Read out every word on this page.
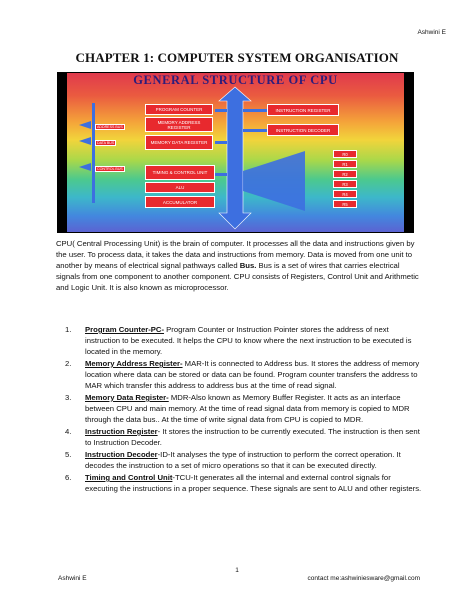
Ashwini E
CHAPTER 1: COMPUTER SYSTEM ORGANISATION
GENERAL STRUCTURE OF CPU
PROGRAM COUNTER
MEMORY ADDRESS REGISTER
MEMORY DATA REGISTER
ADDRESS BUS
DATA BUS
CONTROL BUS
TIMING & CONTROL UNIT
ALU
ACCUMULATOR
INSTRUCTION REGISTER
INSTRUCTION DECODER
R0
R1
R2
R3
R4
R5
CPU( Central Processing Unit) is the brain of computer. It processes all the data and instructions given by the user. To process data, it takes the data and instructions from memory. Data is moved from one unit to another by means of electrical signal pathways called Bus. Bus is a set of wires that carries electrical signals from one component to another component. CPU consists of Registers, Control Unit and Arithmetic and Logic Unit. It is also known as microprocessor.
1. Program Counter-PC- Program Counter or Instruction Pointer stores the address of next instruction to be executed. It helps the CPU to know where the next instruction to be executed is located in the memory.
2. Memory Address Register- MAR-It is connected to Address bus. It stores the address of memory location where data can be stored or data can be found. Program counter transfers the address to MAR which transfer this address to address bus at the time of read signal.
3. Memory Data Register- MDR-Also known as Memory Buffer Register. It acts as an interface between CPU and main memory. At the time of read signal data from memory is copied to MDR through the data bus.. At the time of write signal data from CPU is copied to MDR.
4. Instruction Register- It stores the instruction to be currently executed. The instruction is then sent to Instruction Decoder.
5. Instruction Decoder-ID-It analyses the type of instruction to perform the correct operation. It decodes the instruction to a set of micro operations so that it can be executed directly.
6. Timing and Control Unit-TCU-It generates all the internal and external control signals for executing the instructions in a proper sequence. These signals are sent to ALU and other registers.
1
Ashwini E	contact me:ashwiniesware@gmail.com
